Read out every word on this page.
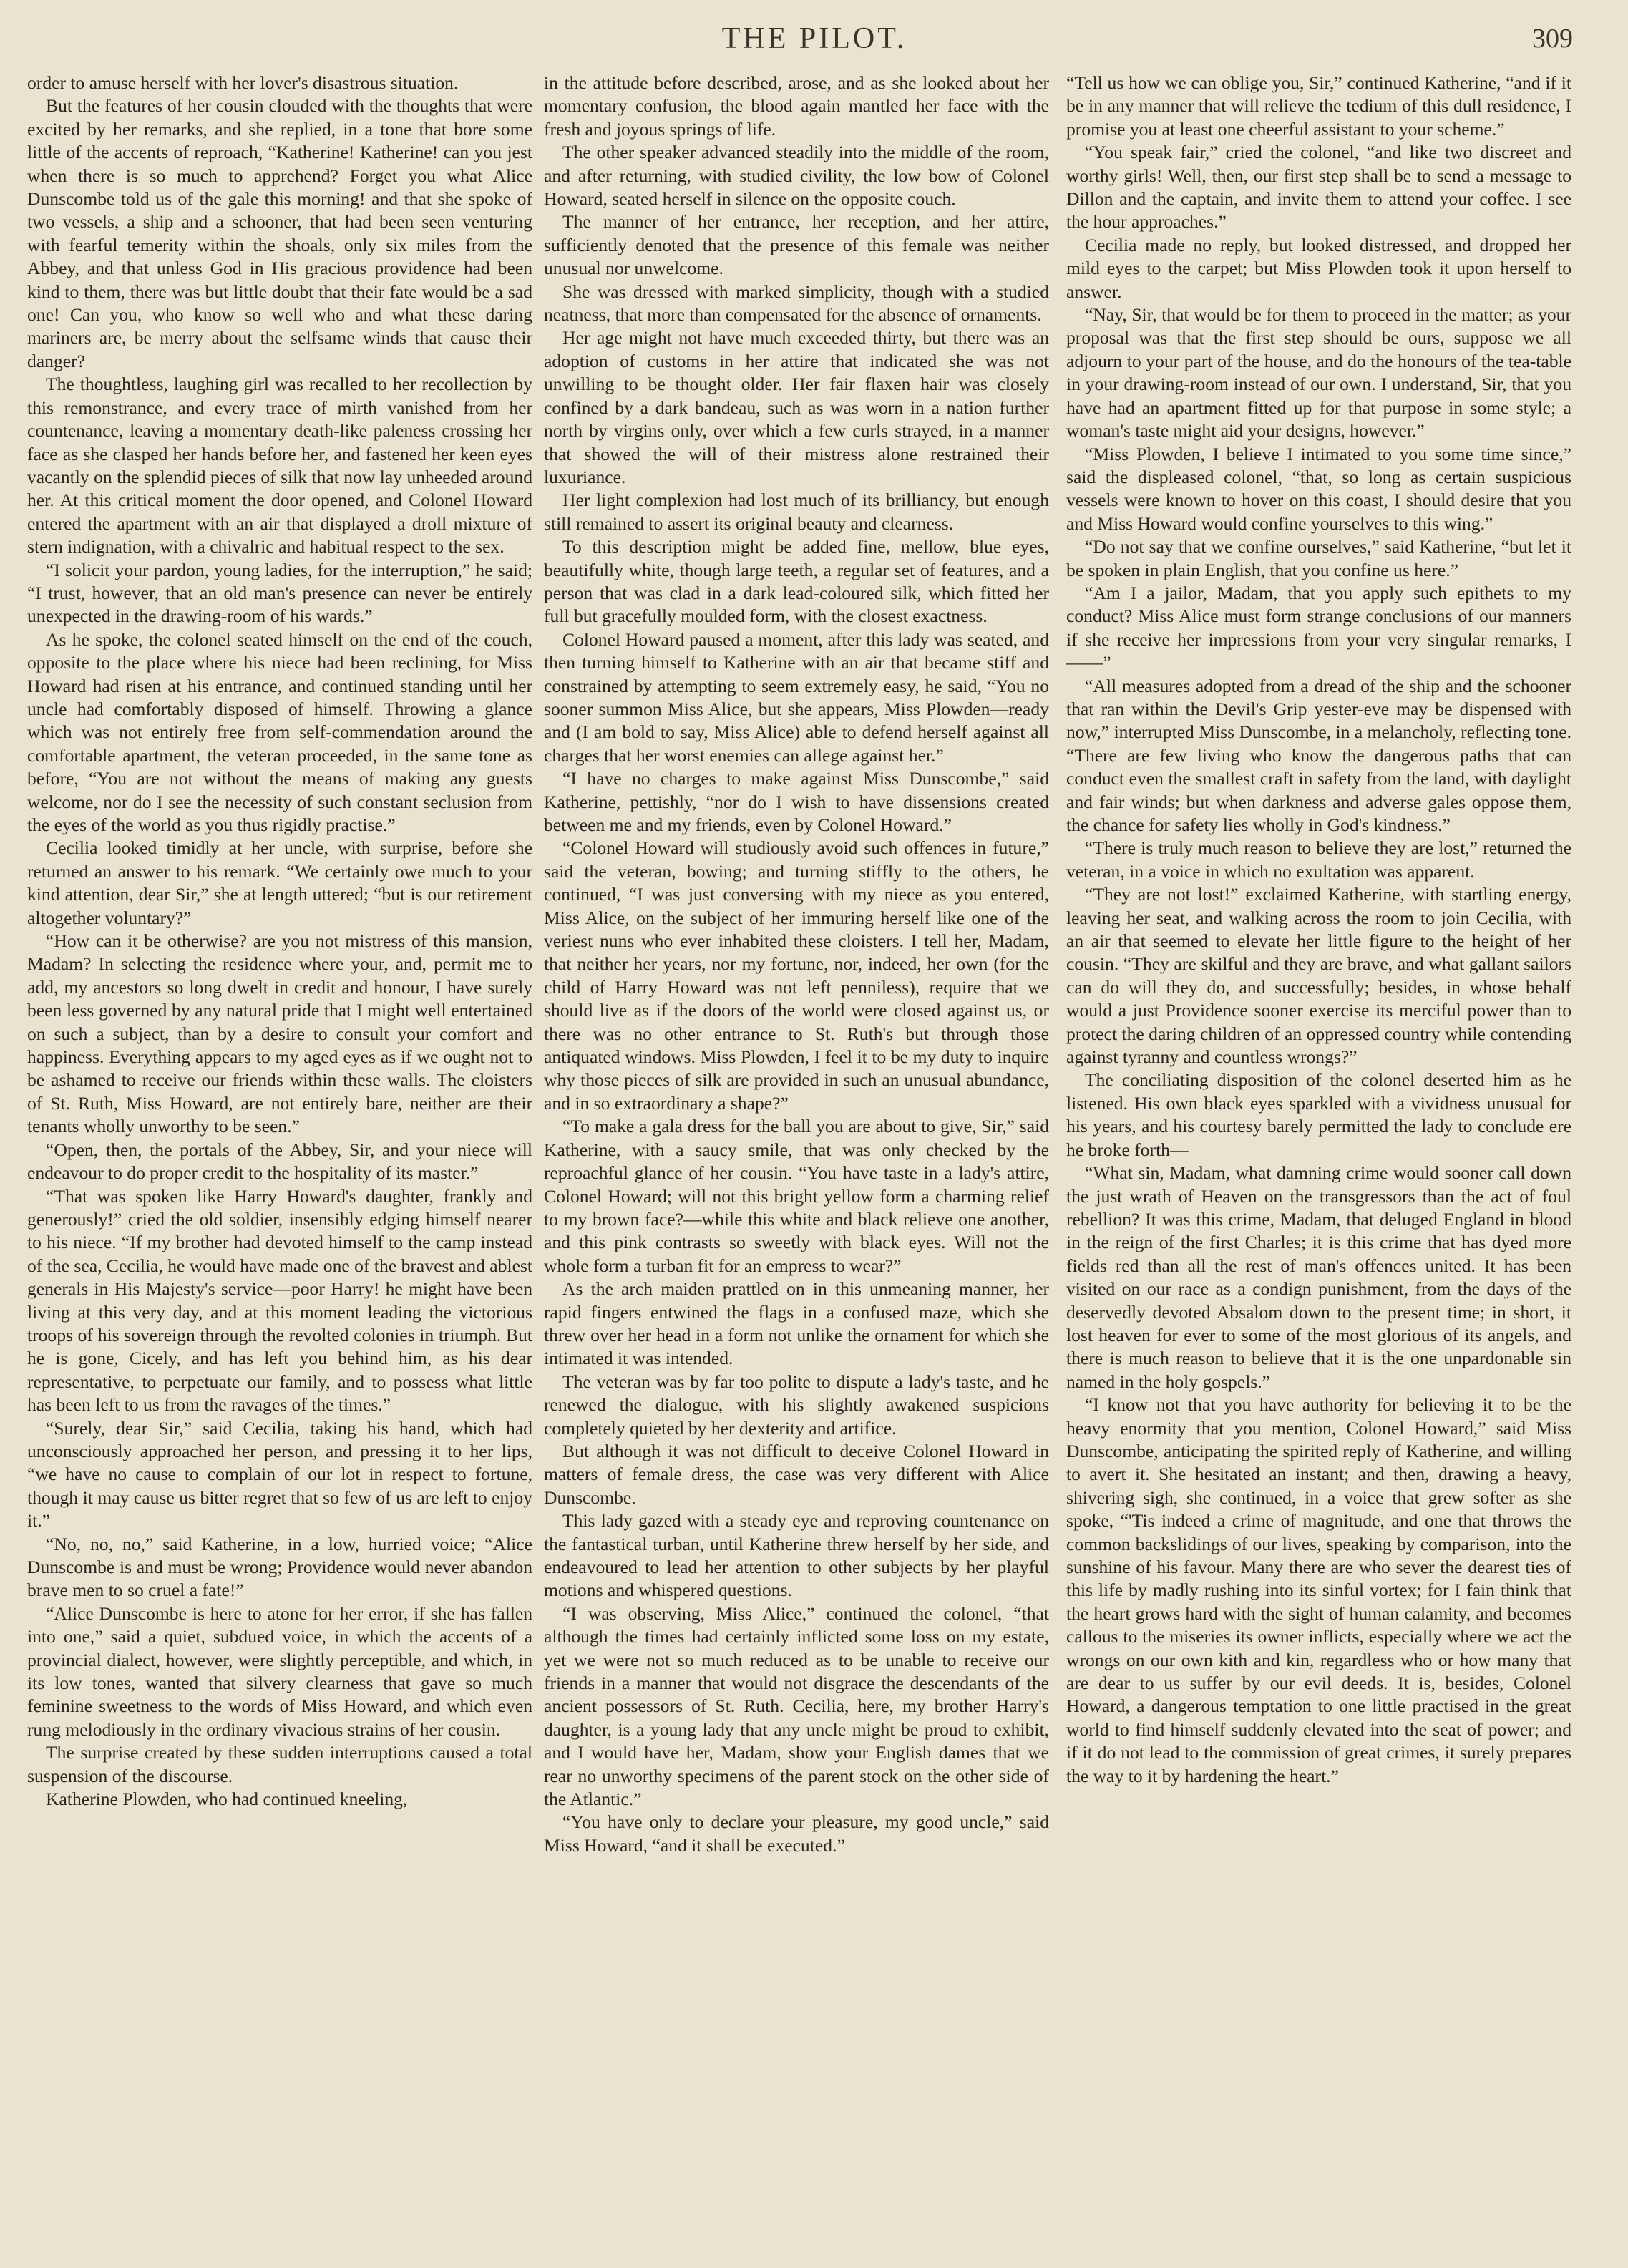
THE PILOT.	309

order to amuse herself with her lover's disastrous situation.

But the features of her cousin clouded with the thoughts that were excited by her remarks, and she replied, in a tone that bore some little of the accents of reproach, “Katherine! Katherine! can you jest when there is so much to apprehend? Forget you what Alice Dunscombe told us of the gale this morning! and that she spoke of two vessels, a ship and a schooner, that had been seen venturing with fearful temerity within the shoals, only six miles from the Abbey, and that unless God in His gracious providence had been kind to them, there was but little doubt that their fate would be a sad one! Can you, who know so well who and what these daring mariners are, be merry about the selfsame winds that cause their danger?

The thoughtless, laughing girl was recalled to her recollection by this remonstrance, and every trace of mirth vanished from her countenance, leaving a momentary death-like paleness crossing her face as she clasped her hands before her, and fastened her keen eyes vacantly on the splendid pieces of silk that now lay unheeded around her. At this critical moment the door opened, and Colonel Howard entered the apartment with an air that displayed a droll mixture of stern indignation, with a chivalric and habitual respect to the sex.

“I solicit your pardon, young ladies, for the interruption,” he said; “I trust, however, that an old man's presence can never be entirely unexpected in the drawing-room of his wards.”

As he spoke, the colonel seated himself on the end of the couch, opposite to the place where his niece had been reclining, for Miss Howard had risen at his entrance, and continued standing until her uncle had comfortably disposed of himself. Throwing a glance which was not entirely free from self-commendation around the comfortable apartment, the veteran proceeded, in the same tone as before, “You are not without the means of making any guests welcome, nor do I see the necessity of such constant seclusion from the eyes of the world as you thus rigidly practise.”

Cecilia looked timidly at her uncle, with surprise, before she returned an answer to his remark. “We certainly owe much to your kind attention, dear Sir,” she at length uttered; “but is our retirement altogether voluntary?”

“How can it be otherwise? are you not mistress of this mansion, Madam? In selecting the residence where your, and, permit me to add, my ancestors so long dwelt in credit and honour, I have surely been less governed by any natural pride that I might well entertained on such a subject, than by a desire to consult your comfort and happiness. Everything appears to my aged eyes as if we ought not to be ashamed to receive our friends within these walls. The cloisters of St. Ruth, Miss Howard, are not entirely bare, neither are their tenants wholly unworthy to be seen.”

“Open, then, the portals of the Abbey, Sir, and your niece will endeavour to do proper credit to the hospitality of its master.”

“That was spoken like Harry Howard's daughter, frankly and generously!” cried the old soldier, insensibly edging himself nearer to his niece. “If my brother had devoted himself to the camp instead of the sea, Cecilia, he would have made one of the bravest and ablest generals in His Majesty's service—poor Harry! he might have been living at this very day, and at this moment leading the victorious troops of his sovereign through the revolted colonies in triumph. But he is gone, Cicely, and has left you behind him, as his dear representative, to perpetuate our family, and to possess what little has been left to us from the ravages of the times.”

“Surely, dear Sir,” said Cecilia, taking his hand, which had unconsciously approached her person, and pressing it to her lips, “we have no cause to complain of our lot in respect to fortune, though it may cause us bitter regret that so few of us are left to enjoy it.”

“No, no, no,” said Katherine, in a low, hurried voice; “Alice Dunscombe is and must be wrong; Providence would never abandon brave men to so cruel a fate!”

“Alice Dunscombe is here to atone for her error, if she has fallen into one,” said a quiet, subdued voice, in which the accents of a provincial dialect, however, were slightly perceptible, and which, in its low tones, wanted that silvery clearness that gave so much feminine sweetness to the words of Miss Howard, and which even rung melodiously in the ordinary vivacious strains of her cousin.

The surprise created by these sudden interruptions caused a total suspension of the discourse.

Katherine Plowden, who had continued kneeling,

in the attitude before described, arose, and as she looked about her momentary confusion, the blood again mantled her face with the fresh and joyous springs of life.

The other speaker advanced steadily into the middle of the room, and after returning, with studied civility, the low bow of Colonel Howard, seated herself in silence on the opposite couch.

The manner of her entrance, her reception, and her attire, sufficiently denoted that the presence of this female was neither unusual nor unwelcome.

She was dressed with marked simplicity, though with a studied neatness, that more than compensated for the absence of ornaments.

Her age might not have much exceeded thirty, but there was an adoption of customs in her attire that indicated she was not unwilling to be thought older. Her fair flaxen hair was closely confined by a dark bandeau, such as was worn in a nation further north by virgins only, over which a few curls strayed, in a manner that showed the will of their mistress alone restrained their luxuriance.

Her light complexion had lost much of its brilliancy, but enough still remained to assert its original beauty and clearness.

To this description might be added fine, mellow, blue eyes, beautifully white, though large teeth, a regular set of features, and a person that was clad in a dark lead-coloured silk, which fitted her full but gracefully moulded form, with the closest exactness.

Colonel Howard paused a moment, after this lady was seated, and then turning himself to Katherine with an air that became stiff and constrained by attempting to seem extremely easy, he said, “You no sooner summon Miss Alice, but she appears, Miss Plowden—ready and (I am bold to say, Miss Alice) able to defend herself against all charges that her worst enemies can allege against her.”

“I have no charges to make against Miss Dunscombe,” said Katherine, pettishly, “nor do I wish to have dissensions created between me and my friends, even by Colonel Howard.”

“Colonel Howard will studiously avoid such offences in future,” said the veteran, bowing; and turning stiffly to the others, he continued, “I was just conversing with my niece as you entered, Miss Alice, on the subject of her immuring herself like one of the veriest nuns who ever inhabited these cloisters. I tell her, Madam, that neither her years, nor my fortune, nor, indeed, her own (for the child of Harry Howard was not left penniless), require that we should live as if the doors of the world were closed against us, or there was no other entrance to St. Ruth's but through those antiquated windows. Miss Plowden, I feel it to be my duty to inquire why those pieces of silk are provided in such an unusual abundance, and in so extraordinary a shape?”

“To make a gala dress for the ball you are about to give, Sir,” said Katherine, with a saucy smile, that was only checked by the reproachful glance of her cousin. “You have taste in a lady's attire, Colonel Howard; will not this bright yellow form a charming relief to my brown face?—while this white and black relieve one another, and this pink contrasts so sweetly with black eyes. Will not the whole form a turban fit for an empress to wear?”

As the arch maiden prattled on in this unmeaning manner, her rapid fingers entwined the flags in a confused maze, which she threw over her head in a form not unlike the ornament for which she intimated it was intended.

The veteran was by far too polite to dispute a lady's taste, and he renewed the dialogue, with his slightly awakened suspicions completely quieted by her dexterity and artifice.

But although it was not difficult to deceive Colonel Howard in matters of female dress, the case was very different with Alice Dunscombe.

This lady gazed with a steady eye and reproving countenance on the fantastical turban, until Katherine threw herself by her side, and endeavoured to lead her attention to other subjects by her playful motions and whispered questions.

“I was observing, Miss Alice,” continued the colonel, “that although the times had certainly inflicted some loss on my estate, yet we were not so much reduced as to be unable to receive our friends in a manner that would not disgrace the descendants of the ancient possessors of St. Ruth. Cecilia, here, my brother Harry's daughter, is a young lady that any uncle might be proud to exhibit, and I would have her, Madam, show your English dames that we rear no unworthy specimens of the parent stock on the other side of the Atlantic.”

“You have only to declare your pleasure, my good uncle,” said Miss Howard, “and it shall be executed.”

“Tell us how we can oblige you, Sir,” continued Katherine, “and if it be in any manner that will relieve the tedium of this dull residence, I promise you at least one cheerful assistant to your scheme.”

“You speak fair,” cried the colonel, “and like two discreet and worthy girls! Well, then, our first step shall be to send a message to Dillon and the captain, and invite them to attend your coffee. I see the hour approaches.”

Cecilia made no reply, but looked distressed, and dropped her mild eyes to the carpet; but Miss Plowden took it upon herself to answer.

“Nay, Sir, that would be for them to proceed in the matter; as your proposal was that the first step should be ours, suppose we all adjourn to your part of the house, and do the honours of the tea-table in your drawing-room instead of our own. I understand, Sir, that you have had an apartment fitted up for that purpose in some style; a woman's taste might aid your designs, however.”

“Miss Plowden, I believe I intimated to you some time since,” said the displeased colonel, “that, so long as certain suspicious vessels were known to hover on this coast, I should desire that you and Miss Howard would confine yourselves to this wing.”

“Do not say that we confine ourselves,” said Katherine, “but let it be spoken in plain English, that you confine us here.”

“Am I a jailor, Madam, that you apply such epithets to my conduct? Miss Alice must form strange conclusions of our manners if she receive her impressions from your very singular remarks, I——”

“All measures adopted from a dread of the ship and the schooner that ran within the Devil's Grip yester-eve may be dispensed with now,” interrupted Miss Dunscombe, in a melancholy, reflecting tone. “There are few living who know the dangerous paths that can conduct even the smallest craft in safety from the land, with daylight and fair winds; but when darkness and adverse gales oppose them, the chance for safety lies wholly in God's kindness.”

“There is truly much reason to believe they are lost,” returned the veteran, in a voice in which no exultation was apparent.

“They are not lost!” exclaimed Katherine, with startling energy, leaving her seat, and walking across the room to join Cecilia, with an air that seemed to elevate her little figure to the height of her cousin. “They are skilful and they are brave, and what gallant sailors can do will they do, and successfully; besides, in whose behalf would a just Providence sooner exercise its merciful power than to protect the daring children of an oppressed country while contending against tyranny and countless wrongs?”

The conciliating disposition of the colonel deserted him as he listened. His own black eyes sparkled with a vividness unusual for his years, and his courtesy barely permitted the lady to conclude ere he broke forth—

“What sin, Madam, what damning crime would sooner call down the just wrath of Heaven on the transgressors than the act of foul rebellion? It was this crime, Madam, that deluged England in blood in the reign of the first Charles; it is this crime that has dyed more fields red than all the rest of man's offences united. It has been visited on our race as a condign punishment, from the days of the deservedly devoted Absalom down to the present time; in short, it lost heaven for ever to some of the most glorious of its angels, and there is much reason to believe that it is the one unpardonable sin named in the holy gospels.”

“I know not that you have authority for believing it to be the heavy enormity that you mention, Colonel Howard,” said Miss Dunscombe, anticipating the spirited reply of Katherine, and willing to avert it. She hesitated an instant; and then, drawing a heavy, shivering sigh, she continued, in a voice that grew softer as she spoke, “'Tis indeed a crime of magnitude, and one that throws the common backslidings of our lives, speaking by comparison, into the sunshine of his favour. Many there are who sever the dearest ties of this life by madly rushing into its sinful vortex; for I fain think that the heart grows hard with the sight of human calamity, and becomes callous to the miseries its owner inflicts, especially where we act the wrongs on our own kith and kin, regardless who or how many that are dear to us suffer by our evil deeds. It is, besides, Colonel Howard, a dangerous temptation to one little practised in the great world to find himself suddenly elevated into the seat of power; and if it do not lead to the commission of great crimes, it surely prepares the way to it by hardening the heart.”
